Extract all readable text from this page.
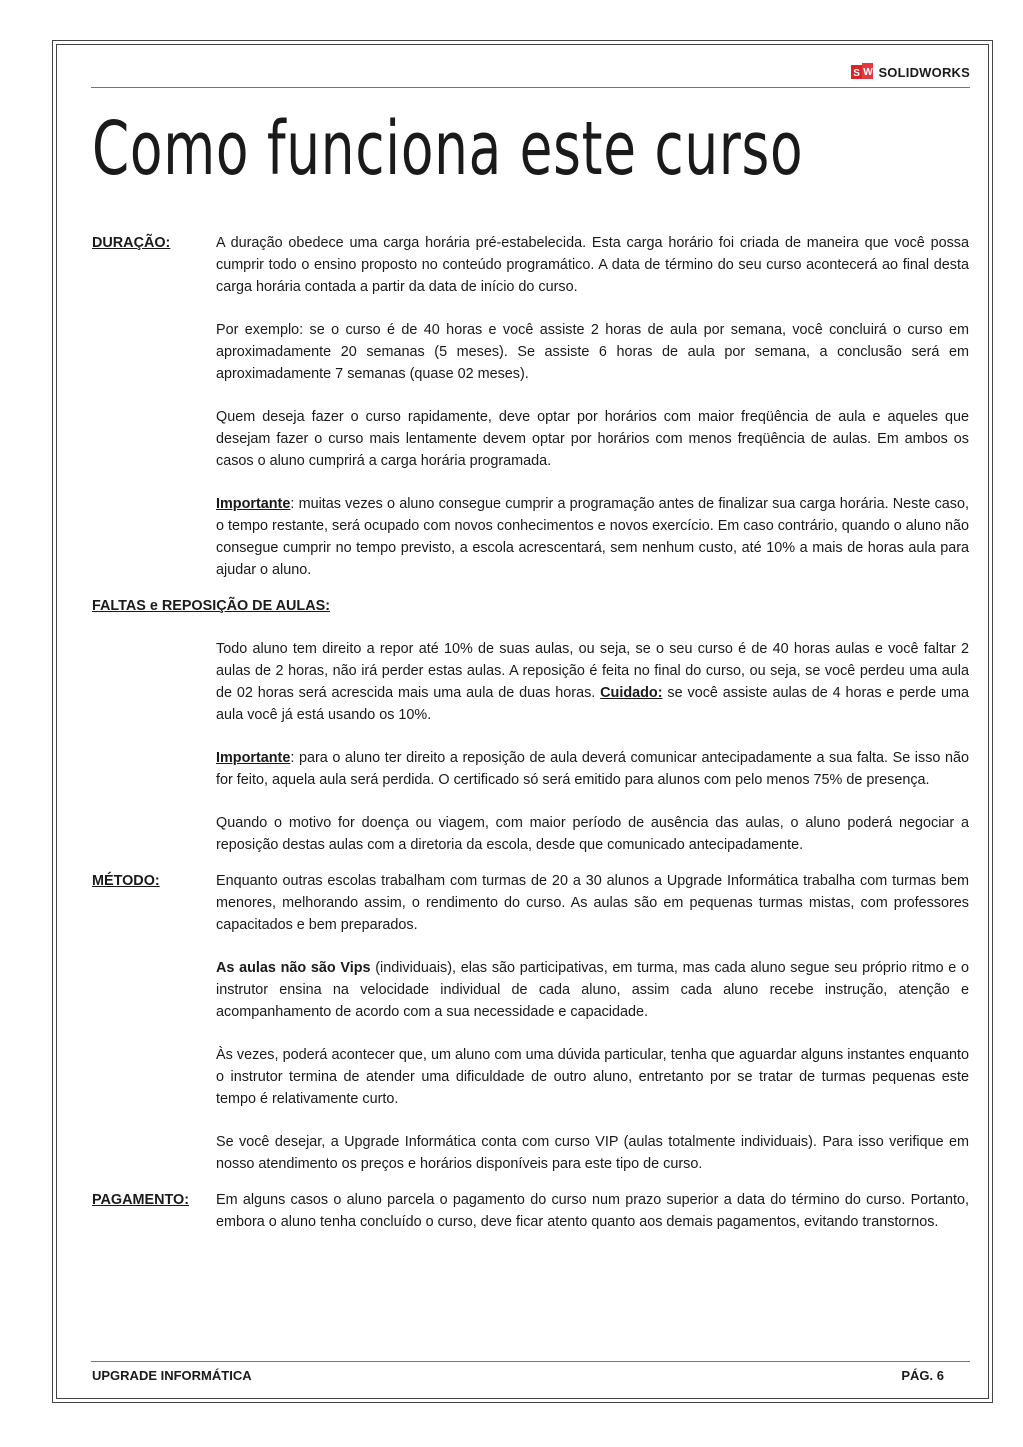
S W SOLIDWORKS
Como funciona este curso
DURAÇÃO:	A duração obedece uma carga horária pré-estabelecida. Esta carga horário foi criada de maneira que você possa cumprir todo o ensino proposto no conteúdo programático. A data de término do seu curso acontecerá ao final desta carga horária contada a partir da data de início do curso.

Por exemplo: se o curso é de 40 horas e você assiste 2 horas de aula por semana, você concluirá o curso em aproximadamente 20 semanas (5 meses). Se assiste 6 horas de aula por semana, a conclusão será em aproximadamente 7 semanas (quase 02 meses).

Quem deseja fazer o curso rapidamente, deve optar por horários com maior freqüência de aula e aqueles que desejam fazer o curso mais lentamente devem optar por horários com menos freqüência de aulas. Em ambos os casos o aluno cumprirá a carga horária programada.

Importante: muitas vezes o aluno consegue cumprir a programação antes de finalizar sua carga horária. Neste caso, o tempo restante, será ocupado com novos conhecimentos e novos exercício. Em caso contrário, quando o aluno não consegue cumprir no tempo previsto, a escola acrescentará, sem nenhum custo, até 10% a mais de horas aula para ajudar o aluno.

FALTAS e REPOSIÇÃO DE AULAS:

Todo aluno tem direito a repor até 10% de suas aulas, ou seja, se o seu curso é de 40 horas aulas e você faltar 2 aulas de 2 horas, não irá perder estas aulas. A reposição é feita no final do curso, ou seja, se você perdeu uma aula de 02 horas será acrescida mais uma aula de duas horas. Cuidado: se você assiste aulas de 4 horas e perde uma aula você já está usando os 10%.

Importante: para o aluno ter direito a reposição de aula deverá comunicar antecipadamente a sua falta. Se isso não for feito, aquela aula será perdida. O certificado só será emitido para alunos com pelo menos 75% de presença.

Quando o motivo for doença ou viagem, com maior período de ausência das aulas, o aluno poderá negociar a reposição destas aulas com a diretoria da escola, desde que comunicado antecipadamente.

MÉTODO:	Enquanto outras escolas trabalham com turmas de 20 a 30 alunos a Upgrade Informática trabalha com turmas bem menores, melhorando assim, o rendimento do curso. As aulas são em pequenas turmas mistas, com professores capacitados e bem preparados.

As aulas não são Vips (individuais), elas são participativas, em turma, mas cada aluno segue seu próprio ritmo e o instrutor ensina na velocidade individual de cada aluno, assim cada aluno recebe instrução, atenção e acompanhamento de acordo com a sua necessidade e capacidade.

Às vezes, poderá acontecer que, um aluno com uma dúvida particular, tenha que aguardar alguns instantes enquanto o instrutor termina de atender uma dificuldade de outro aluno, entretanto por se tratar de turmas pequenas este tempo é relativamente curto.

Se você desejar, a Upgrade Informática conta com curso VIP (aulas totalmente individuais). Para isso verifique em nosso atendimento os preços e horários disponíveis para este tipo de curso.

PAGAMENTO:	Em alguns casos o aluno parcela o pagamento do curso num prazo superior a data do término do curso. Portanto, embora o aluno tenha concluído o curso, deve ficar atento quanto aos demais pagamentos, evitando transtornos.

UPGRADE INFORMÁTICA	PÁG. 6
